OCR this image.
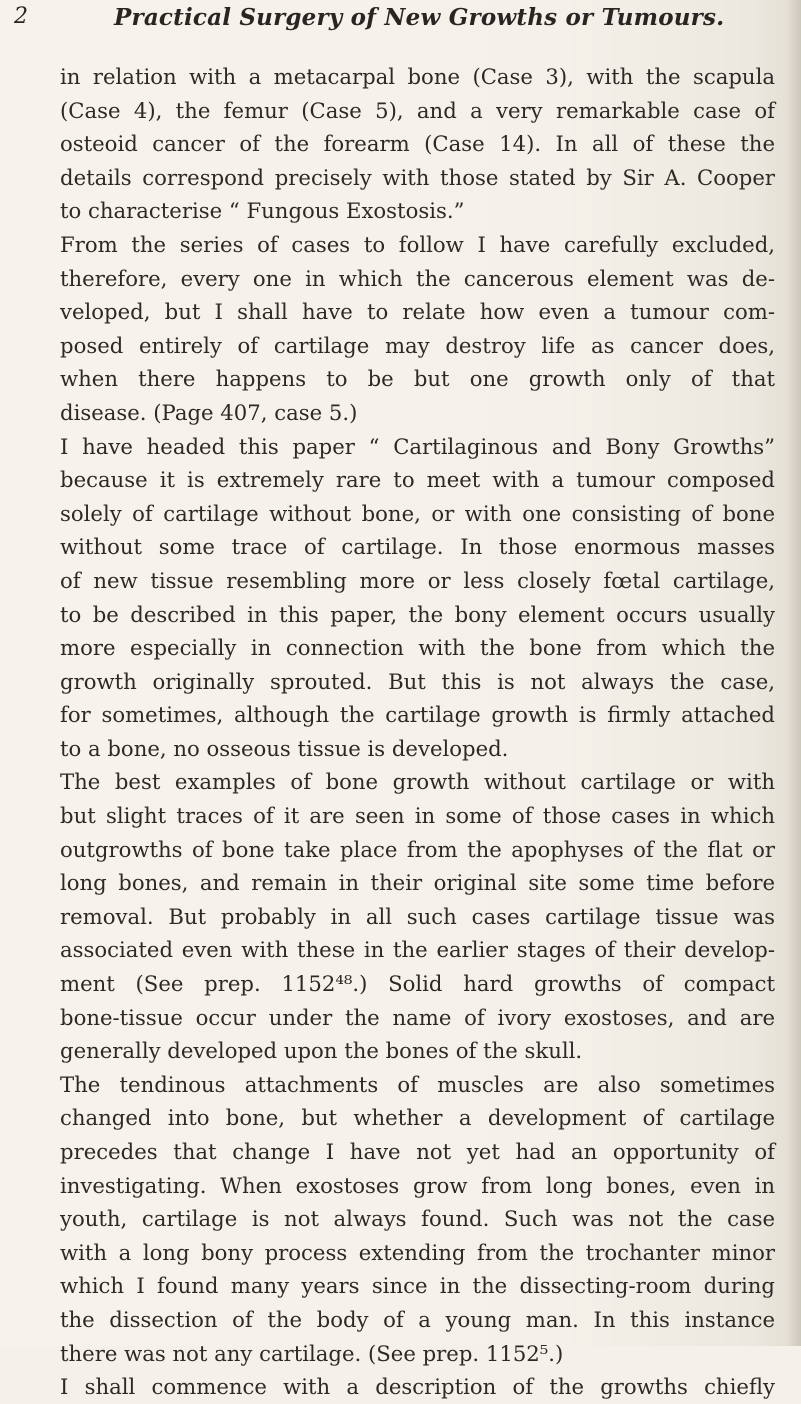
2	Practical Surgery of New Growths or Tumours.
in relation with a metacarpal bone (Case 3), with the scapula
(Case 4), the femur (Case 5), and a very remarkable case of
osteoid cancer of the forearm (Case 14). In all of these the
details correspond precisely with those stated by Sir A. Cooper
to characterise “ Fungous Exostosis.”
From the series of cases to follow I have carefully excluded,
therefore, every one in which the cancerous element was de-
veloped, but I shall have to relate how even a tumour com-
posed entirely of cartilage may destroy life as cancer does,
when there happens to be but one growth only of that
disease. (Page 407, case 5.)
I have headed this paper “ Cartilaginous and Bony Growths”
because it is extremely rare to meet with a tumour composed
solely of cartilage without bone, or with one consisting of bone
without some trace of cartilage. In those enormous masses
of new tissue resembling more or less closely fœtal cartilage,
to be described in this paper, the bony element occurs usually
more especially in connection with the bone from which the
growth originally sprouted. But this is not always the case,
for sometimes, although the cartilage growth is firmly attached
to a bone, no osseous tissue is developed.
The best examples of bone growth without cartilage or with
but slight traces of it are seen in some of those cases in which
outgrowths of bone take place from the apophyses of the flat or
long bones, and remain in their original site some time before
removal. But probably in all such cases cartilage tissue was
associated even with these in the earlier stages of their develop-
ment (See prep. 1152⁴⁸.) Solid hard growths of compact
bone-tissue occur under the name of ivory exostoses, and are
generally developed upon the bones of the skull.
The tendinous attachments of muscles are also sometimes
changed into bone, but whether a development of cartilage
precedes that change I have not yet had an opportunity of
investigating. When exostoses grow from long bones, even in
youth, cartilage is not always found. Such was not the case
with a long bony process extending from the trochanter minor
which I found many years since in the dissecting-room during
the dissection of the body of a young man. In this instance
there was not any cartilage. (See prep. 1152⁵.)
I shall commence with a description of the growths chiefly
